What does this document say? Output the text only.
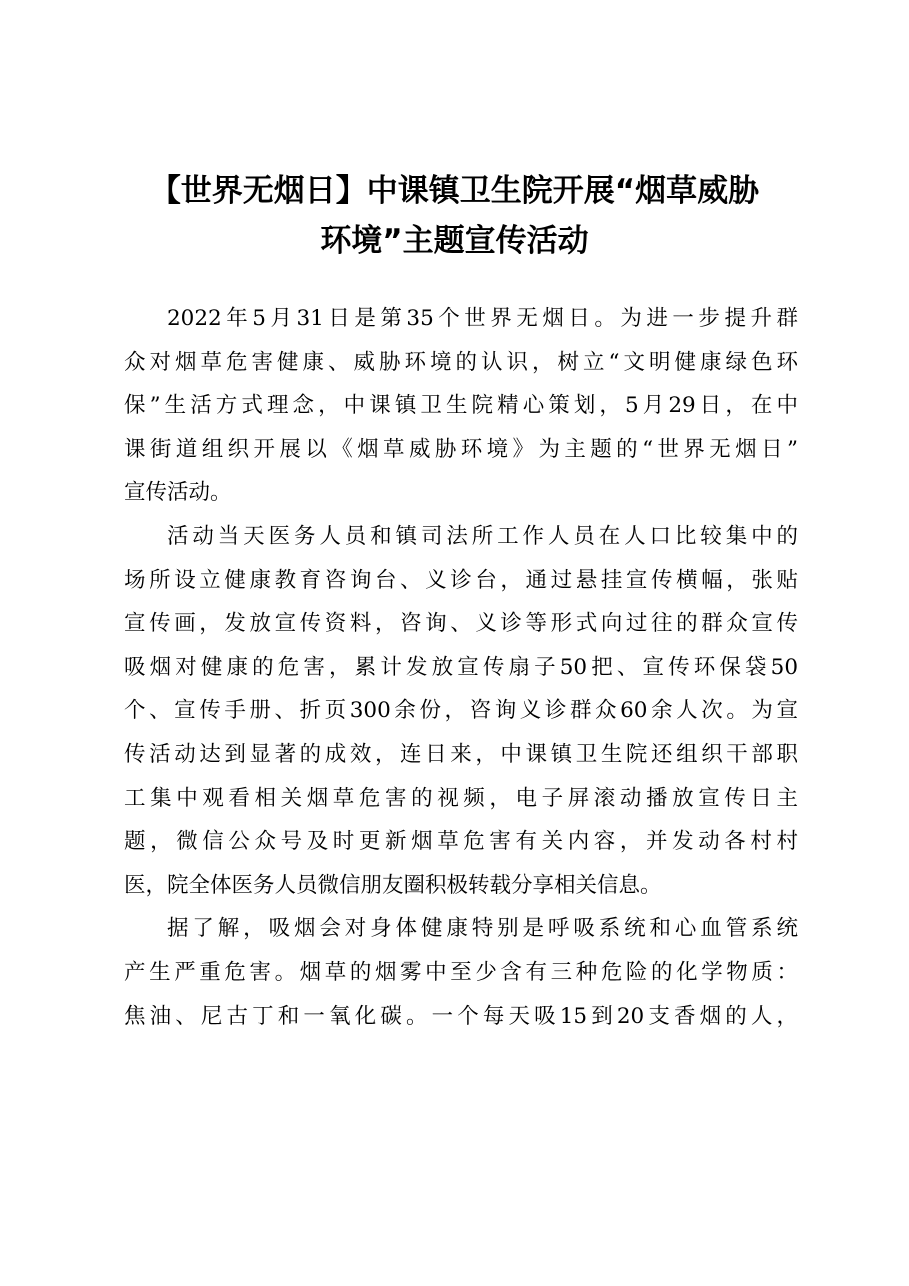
【世界无烟日】中课镇卫生院开展“烟草威胁
环境”主题宣传活动

2022年5月31日是第35个世界无烟日。为进一步提升群
众对烟草危害健康、威胁环境的认识，树立“文明健康绿色环
保”生活方式理念，中课镇卫生院精心策划，5月29日，在中
课街道组织开展以《烟草威胁环境》为主题的“世界无烟日”
宣传活动。

活动当天医务人员和镇司法所工作人员在人口比较集中的
场所设立健康教育咨询台、义诊台，通过悬挂宣传横幅，张贴
宣传画，发放宣传资料，咨询、义诊等形式向过往的群众宣传
吸烟对健康的危害，累计发放宣传扇子50把、宣传环保袋50
个、宣传手册、折页300余份，咨询义诊群众60余人次。为宣
传活动达到显著的成效，连日来，中课镇卫生院还组织干部职
工集中观看相关烟草危害的视频，电子屏滚动播放宣传日主
题，微信公众号及时更新烟草危害有关内容，并发动各村村
医，院全体医务人员微信朋友圈积极转载分享相关信息。

据了解，吸烟会对身体健康特别是呼吸系统和心血管系统
产生严重危害。烟草的烟雾中至少含有三种危险的化学物质：
焦油、尼古丁和一氧化碳。一个每天吸15到20支香烟的人，
